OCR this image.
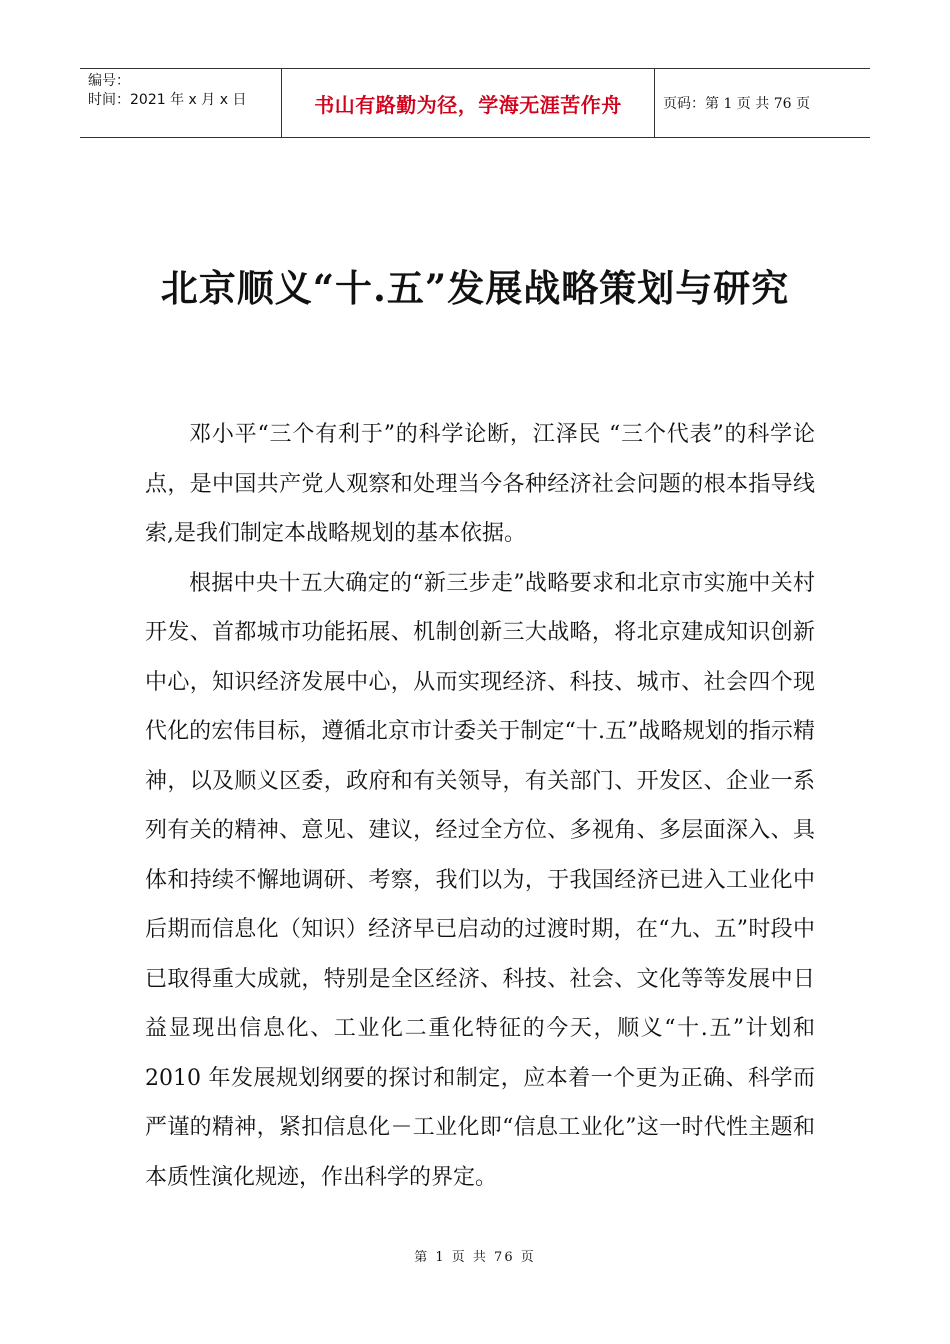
编号：
时间：2021 年 x 月 x 日	书山有路勤为径，学海无涯苦作舟	页码：第 1 页 共 76 页
北京顺义“十.五”发展战略策划与研究

邓小平“三个有利于”的科学论断，江泽民 “三个代表”的科学论点，是中国共产党人观察和处理当今各种经济社会问题的根本指导线索,是我们制定本战略规划的基本依据。

根据中央十五大确定的“新三步走”战略要求和北京市实施中关村开发、首都城市功能拓展、机制创新三大战略，将北京建成知识创新中心，知识经济发展中心，从而实现经济、科技、城市、社会四个现代化的宏伟目标，遵循北京市计委关于制定“十.五”战略规划的指示精神，以及顺义区委，政府和有关领导，有关部门、开发区、企业一系列有关的精神、意见、建议，经过全方位、多视角、多层面深入、具体和持续不懈地调研、考察，我们以为，于我国经济已进入工业化中后期而信息化（知识）经济早已启动的过渡时期，在“九、五”时段中已取得重大成就，特别是全区经济、科技、社会、文化等等发展中日益显现出信息化、工业化二重化特征的今天，顺义“十.五”计划和 2010 年发展规划纲要的探讨和制定，应本着一个更为正确、科学而严谨的精神，紧扣信息化－工业化即“信息工业化”这一时代性主题和本质性演化规迹，作出科学的界定。

第 1 页 共 76 页
